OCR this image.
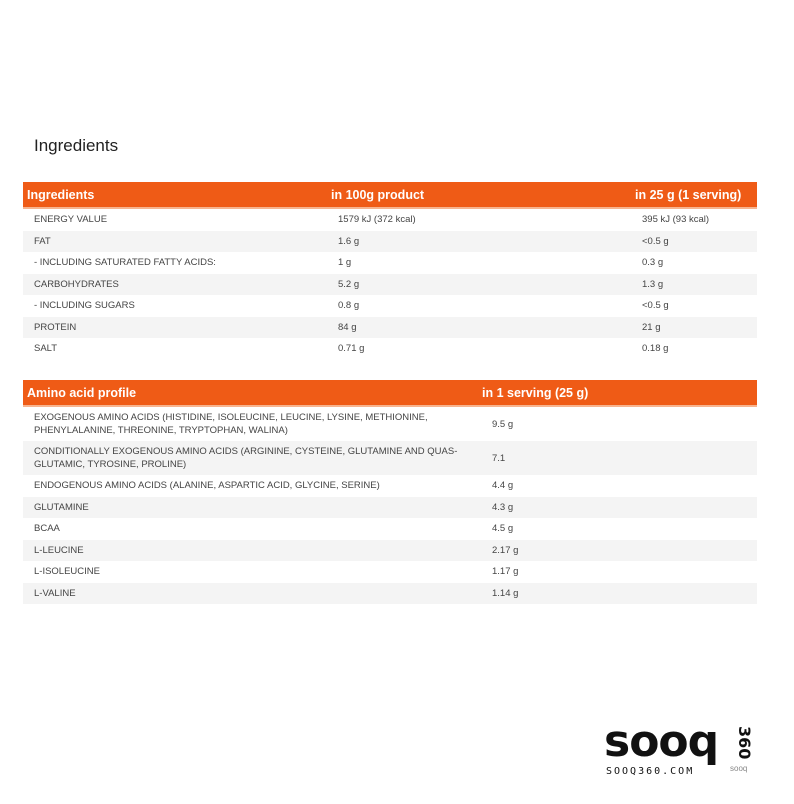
Ingredients
Ingredients	in 100g product	in 25 g (1 serving)
ENERGY VALUE	1579 kJ (372 kcal)	395 kJ (93 kcal)
FAT	1.6 g	<0.5 g
- INCLUDING SATURATED FATTY ACIDS:	1 g	0.3 g
CARBOHYDRATES	5.2 g	1.3 g
- INCLUDING SUGARS	0.8 g	<0.5 g
PROTEIN	84 g	21 g
SALT	0.71 g	0.18 g
Amino acid profile	in 1 serving (25 g)
EXOGENOUS AMINO ACIDS (HISTIDINE, ISOLEUCINE, LEUCINE, LYSINE, METHIONINE, PHENYLALANINE, THREONINE, TRYPTOPHAN, WALINA)	9.5 g
CONDITIONALLY EXOGENOUS AMINO ACIDS (ARGININE, CYSTEINE, GLUTAMINE AND QUAS-GLUTAMIC, TYROSINE, PROLINE)	7.1
ENDOGENOUS AMINO ACIDS (ALANINE, ASPARTIC ACID, GLYCINE, SERINE)	4.4 g
GLUTAMINE	4.3 g
BCAA	4.5 g
L-LEUCINE	2.17 g
L-ISOLEUCINE	1.17 g
L-VALINE	1.14 g
sooq 360
SOOQ360.COM	sooq
